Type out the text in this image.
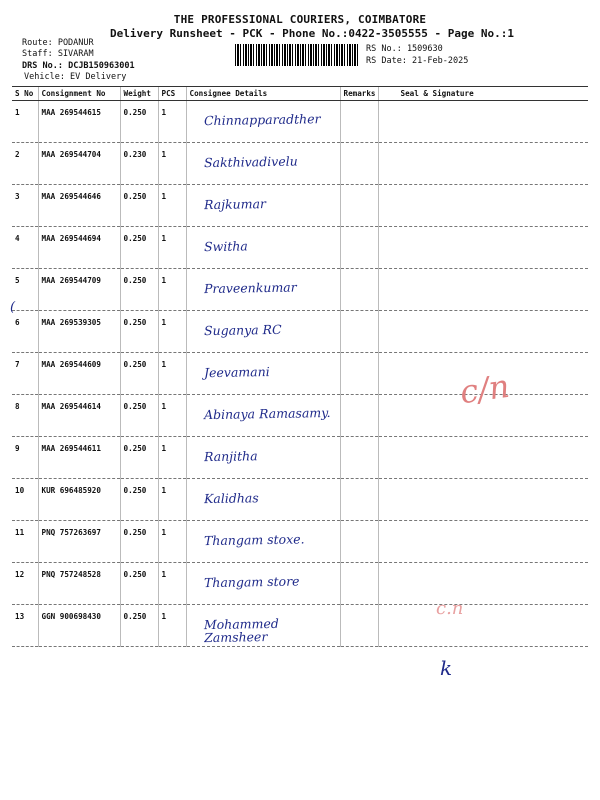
THE PROFESSIONAL COURIERS, COIMBATORE
Delivery Runsheet - PCK - Phone No.:0422-3505555 - Page No.:1
Route: PODANUR
Staff: SIVARAM
DRS No.: DCJB150963001
Vehicle: EV Delivery
RS No.: 1509630
RS Date: 21-Feb-2025
S No	Consignment No	Weight	PCS	Consignee Details	Remarks	Seal & Signature
1	MAA 269544615	0.250	1	Chinnapparadther		

2	MAA 269544704	0.230	1	Sakthivadivelu		

3	MAA 269544646	0.250	1	Rajkumar		

4	MAA 269544694	0.250	1	Switha		

5	MAA 269544709	0.250	1	Praveenkumar		

6	MAA 269539305	0.250	1	Suganya RC		

7	MAA 269544609	0.250	1	Jeevamani		

8	MAA 269544614	0.250	1	Abinaya Ramasamy.		

9	MAA 269544611	0.250	1	Ranjitha		

10	KUR 696485920	0.250	1	Kalidhas		

11	PNQ 757263697	0.250	1	Thangam stoxe.		

12	PNQ 757248528	0.250	1	Thangam store		

13	GGN 900698430	0.250	1	Mohammed Zamsheer		

c/n
c.n
k
(
